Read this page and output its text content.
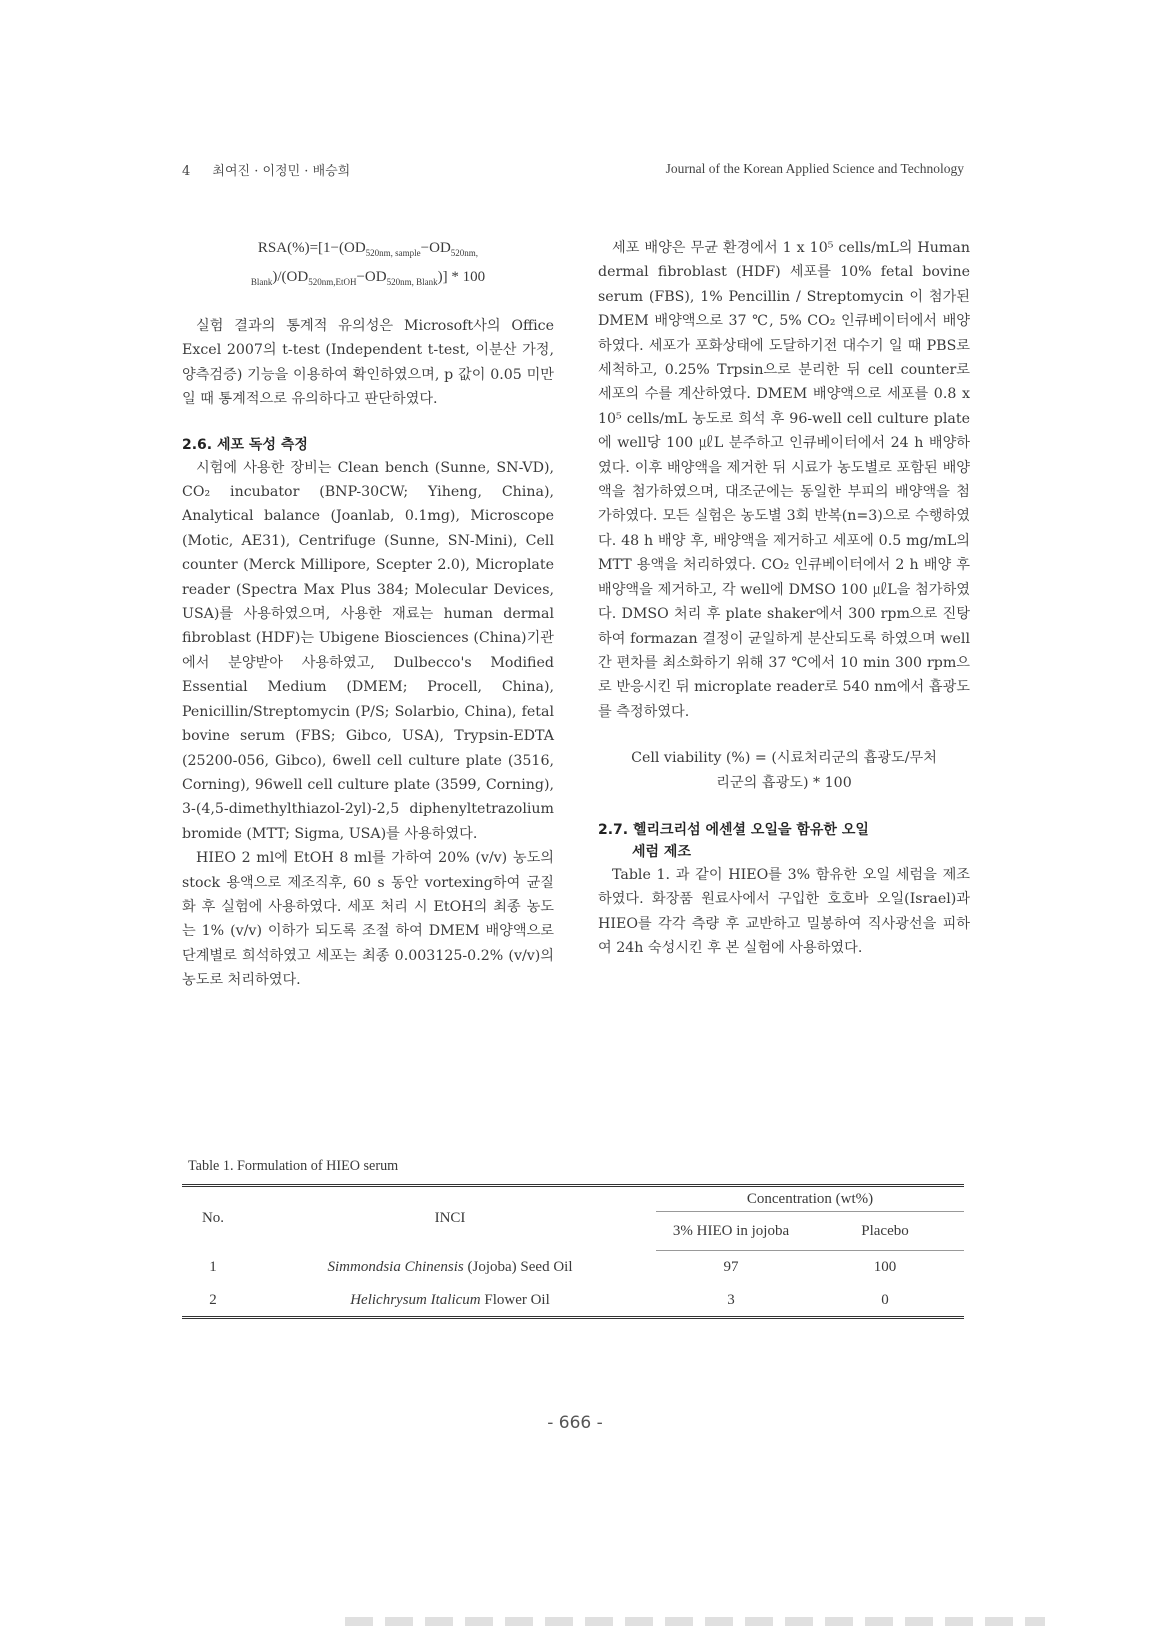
4 최여진 · 이정민 · 배승희	Journal of the Korean Applied Science and Technology
$RSA(\%)=[1-(OD_{520nm, sample}-OD_{520nm, Blank})/(OD_{520nm,EtOH}-OD_{520nm, Blank})] * 100$

실험 결과의 통계적 유의성은 Microsoft사의 Office Excel 2007의 t-test (Independent t-test, 이분산 가정, 양측검증) 기능을 이용하여 확인하였으며, p 값이 0.05 미만일 때 통계적으로 유의하다고 판단하였다.

2.6. 세포 독성 측정

시험에 사용한 장비는 Clean bench (Sunne, SN-VD), CO₂ incubator (BNP-30CW; Yiheng, China), Analytical balance (Joanlab, 0.1mg), Microscope (Motic, AE31), Centrifuge (Sunne, SN-Mini), Cell counter (Merck Millipore, Scepter 2.0), Microplate reader (Spectra Max Plus 384; Molecular Devices, USA)를 사용하였으며, 사용한 재료는 human dermal fibroblast (HDF)는 Ubigene Biosciences (China)기관에서 분양받아 사용하였고, Dulbecco's Modified Essential Medium (DMEM; Procell, China), Penicillin/Streptomycin (P/S; Solarbio, China), fetal bovine serum (FBS; Gibco, USA), Trypsin-EDTA (25200-056, Gibco), 6well cell culture plate (3516, Corning), 96well cell culture plate (3599, Corning), 3-(4,5-dimethylthiazol-2yl)-2,5 diphenyltetrazolium bromide (MTT; Sigma, USA)를 사용하였다.

HIEO 2 ml에 EtOH 8 ml를 가하여 20% (v/v) 농도의 stock 용액으로 제조직후, 60 s 동안 vortexing하여 균질화 후 실험에 사용하였다. 세포 처리 시 EtOH의 최종 농도는 1% (v/v) 이하가 되도록 조절 하여 DMEM 배양액으로 단계별로 희석하였고 세포는 최종 0.003125-0.2% (v/v)의 농도로 처리하였다.

세포 배양은 무균 환경에서 1 x 10⁵ cells/mL의 Human dermal fibroblast (HDF) 세포를 10% fetal bovine serum (FBS), 1% Pencillin / Streptomycin 이 첨가된 DMEM 배양액으로 37 ℃, 5% CO₂ 인큐베이터에서 배양하였다. 세포가 포화상태에 도달하기전 대수기 일 때 PBS로 세척하고, 0.25% Trpsin으로 분리한 뒤 cell counter로 세포의 수를 계산하였다. DMEM 배양액으로 세포를 0.8 x 10⁵ cells/mL 농도로 희석 후 96-well cell culture plate에 well당 100 ㎕L 분주하고 인큐베이터에서 24 h 배양하였다. 이후 배양액을 제거한 뒤 시료가 농도별로 포함된 배양액을 첨가하였으며, 대조군에는 동일한 부피의 배양액을 첨가하였다. 모든 실험은 농도별 3회 반복(n=3)으로 수행하였다. 48 h 배양 후, 배양액을 제거하고 세포에 0.5 mg/mL의 MTT 용액을 처리하였다. CO₂ 인큐베이터에서 2 h 배양 후 배양액을 제거하고, 각 well에 DMSO 100 ㎕L을 첨가하였다. DMSO 처리 후 plate shaker에서 300 rpm으로 진탕하여 formazan 결정이 균일하게 분산되도록 하였으며 well 간 편차를 최소화하기 위해 37 ℃에서 10 min 300 rpm으로 반응시킨 뒤 microplate reader로 540 nm에서 흡광도를 측정하였다.

Cell viability (%) = (시료처리군의 흡광도/무처
리군의 흡광도) * 100
2.7. 헬리크리섬 에센셜 오일을 함유한 오일
세럼 제조

Table 1. 과 같이 HIEO를 3% 함유한 오일 세럼을 제조하였다. 화장품 원료사에서 구입한 호호바 오일(Israel)과 HIEO를 각각 측량 후 교반하고 밀봉하여 직사광선을 피하여 24h 숙성시킨 후 본 실험에 사용하였다.

Table 1. Formulation of HIEO serum
No.	INCI	Concentration (wt%)	
		3% HIEO in jojoba	Placebo
1	Simmondsia Chinensis (Jojoba) Seed Oil	97	100
2	Helichrysum Italicum Flower Oil	3	0
- 666 -
